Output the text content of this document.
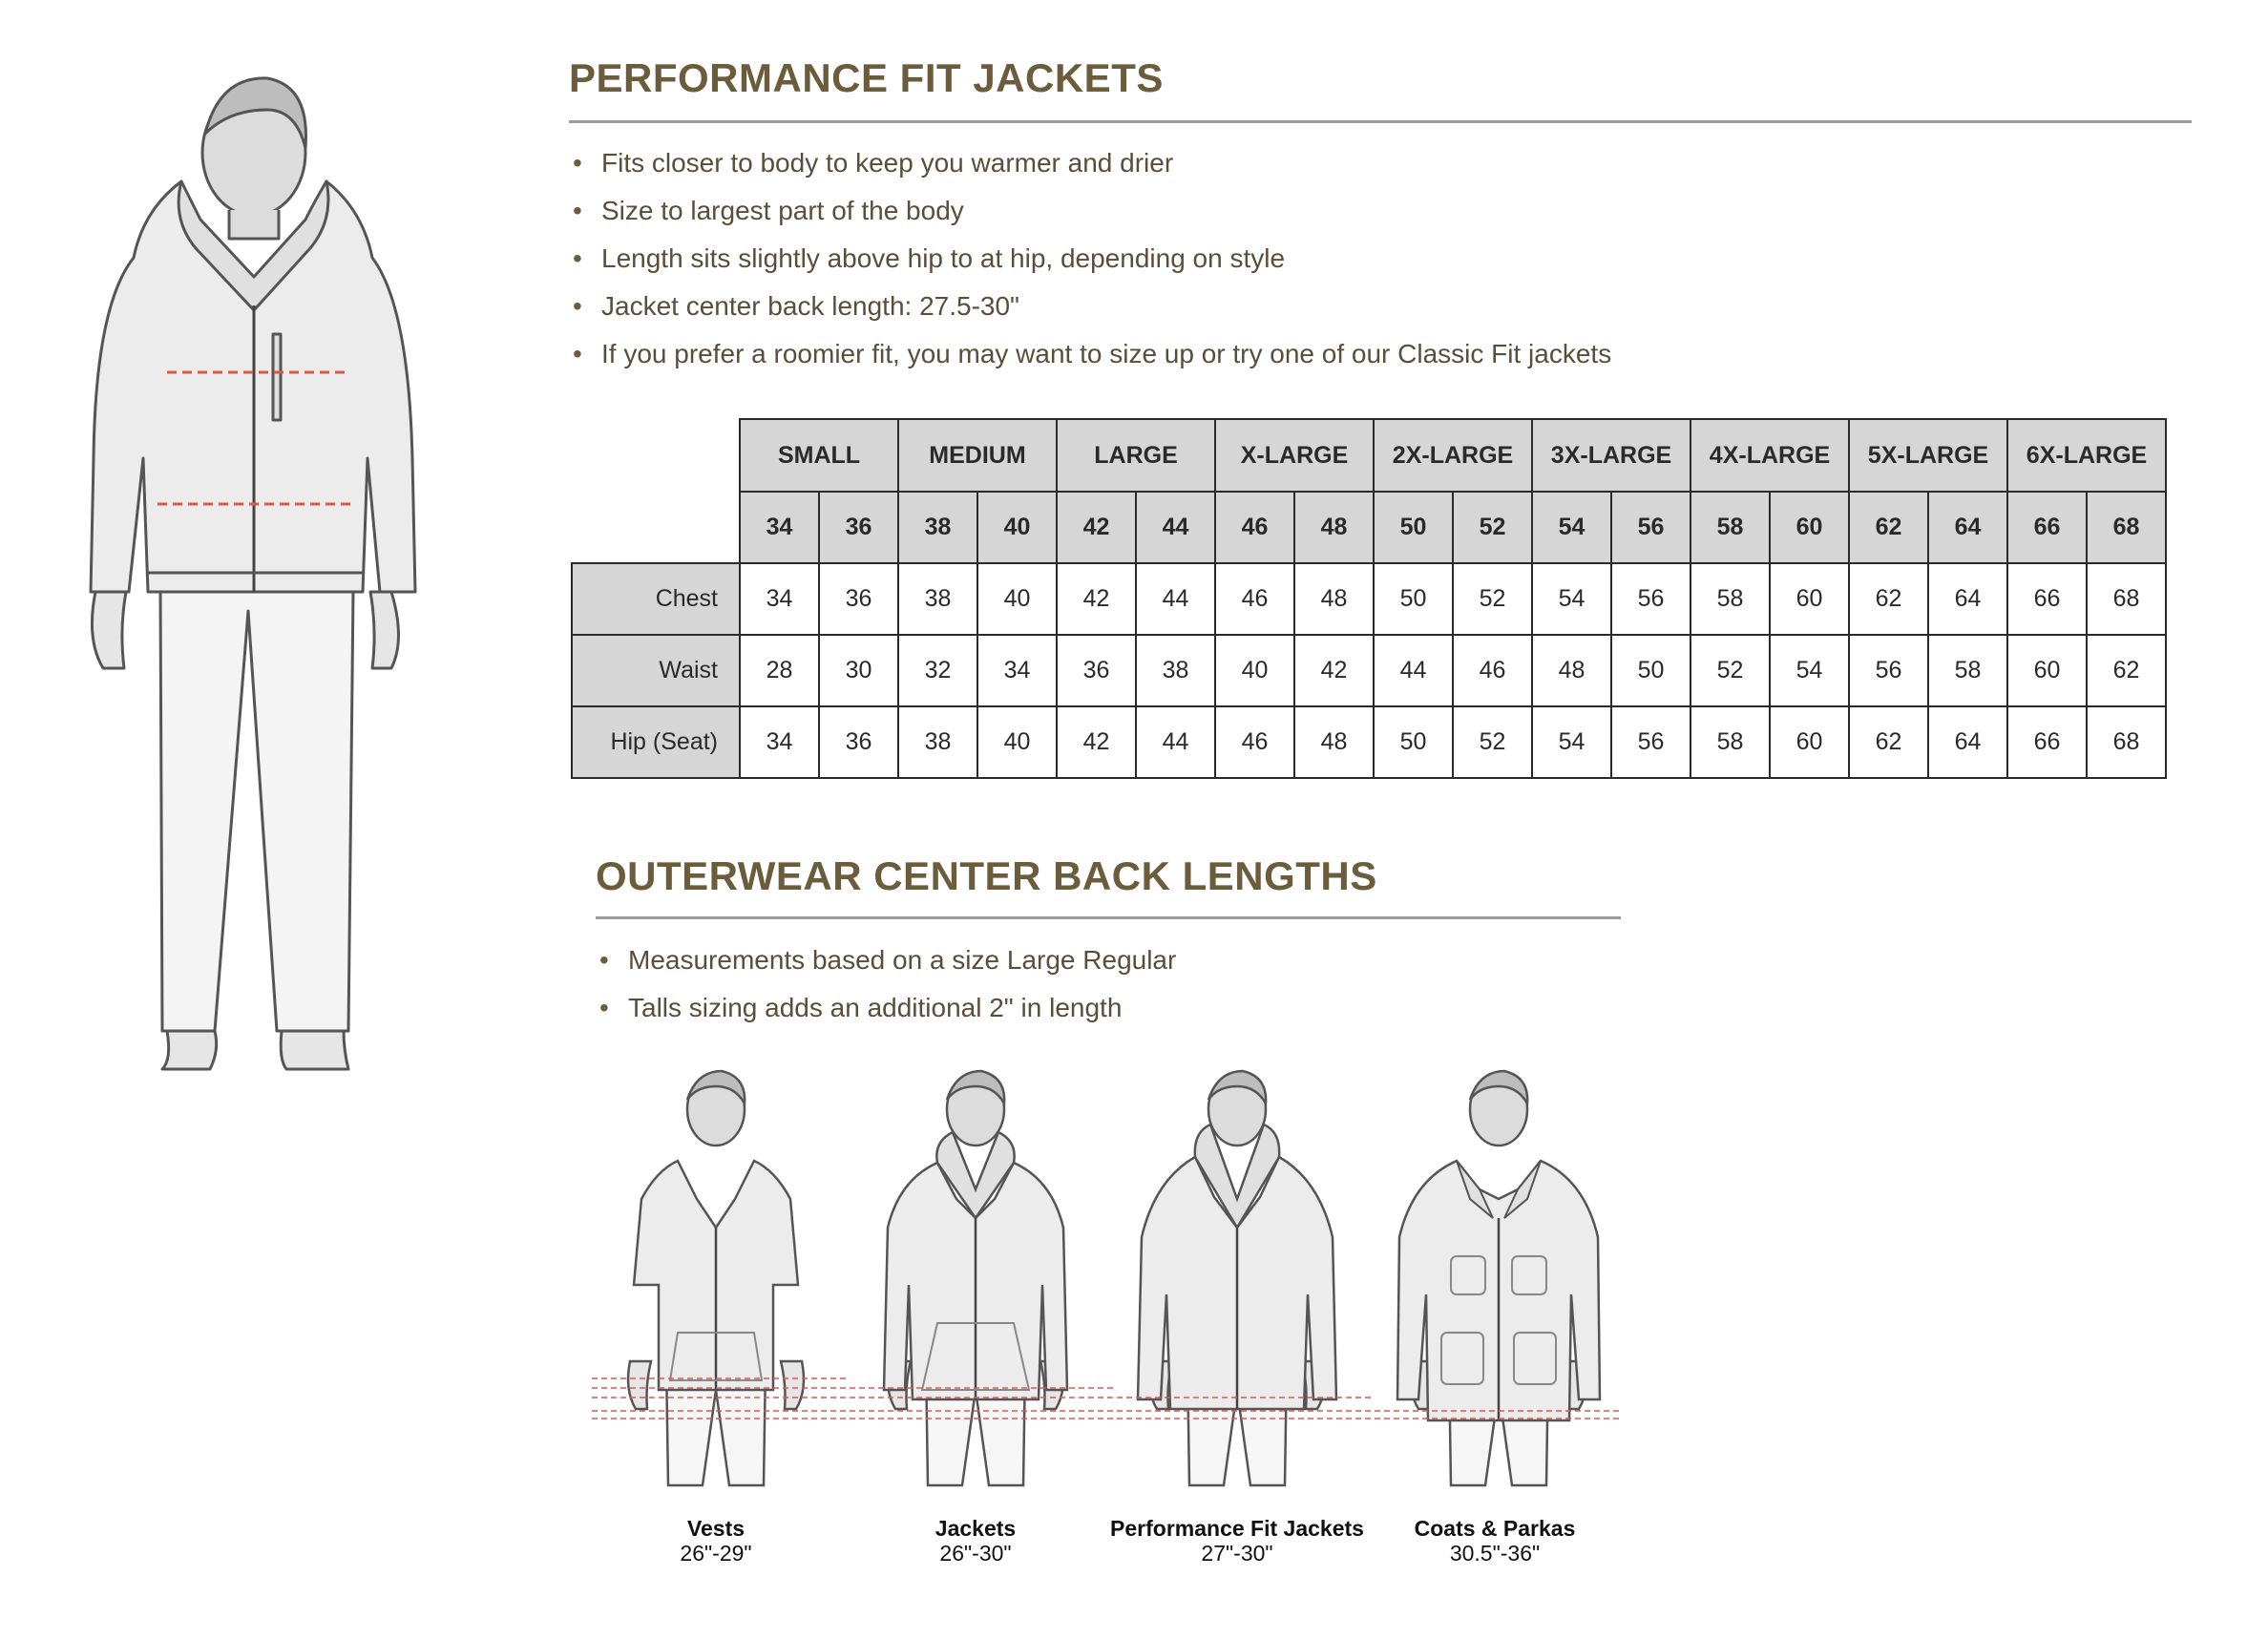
PERFORMANCE FIT JACKETS
• Fits closer to body to keep you warmer and drier
• Size to largest part of the body
• Length sits slightly above hip to at hip, depending on style
• Jacket center back length: 27.5-30"
• If you prefer a roomier fit, you may want to size up or try one of our Classic Fit jackets
	SMALL		MEDIUM		LARGE		X-LARGE		2X-LARGE		3X-LARGE		4X-LARGE		5X-LARGE		6X-LARGE	
	34	36	38	40	42	44	46	48	50	52	54	56	58	60	62	64	66	68
Chest	34	36	38	40	42	44	46	48	50	52	54	56	58	60	62	64	66	68
Waist	28	30	32	34	36	38	40	42	44	46	48	50	52	54	56	58	60	62
Hip (Seat)	34	36	38	40	42	44	46	48	50	52	54	56	58	60	62	64	66	68
OUTERWEAR CENTER BACK LENGTHS
• Measurements based on a size Large Regular
• Talls sizing adds an additional 2" in length
Vests
26"-29"
Jackets
26"-30"
Performance Fit Jackets
27"-30"
Coats & Parkas
30.5"-36"
